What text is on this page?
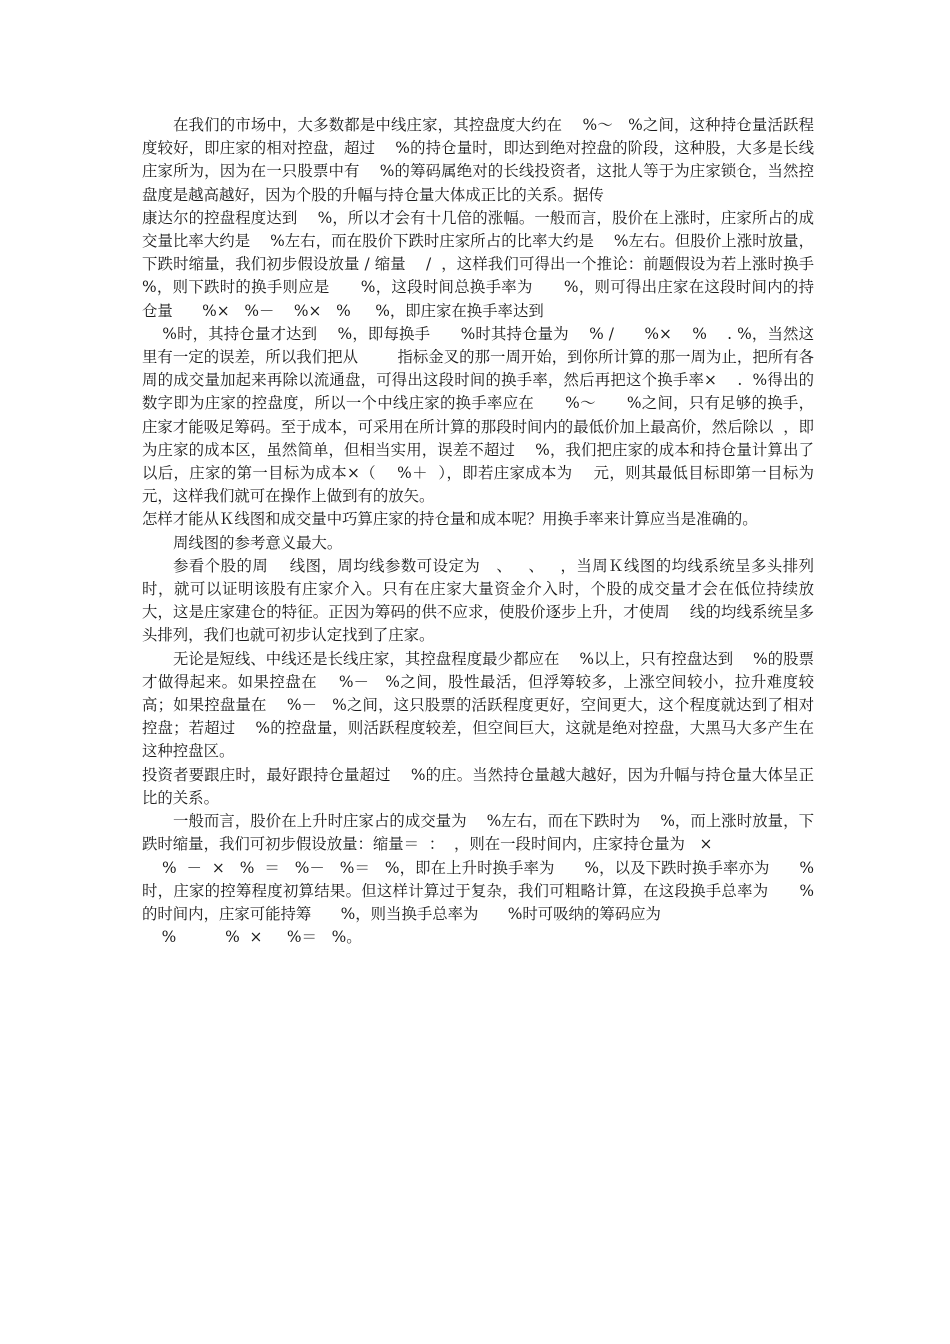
在我们的市场中，大多数都是中线庄家，其控盘度大约在    %～   %之间，这种持仓量活跃程度较好，即庄家的相对控盘，超过    %的持仓量时，即达到绝对控盘的阶段，这种股，大多是长线庄家所为，因为在一只股票中有    %的筹码属绝对的长线投资者，这批人等于为庄家锁仓，当然控盘度是越高越好，因为个股的升幅与持仓量大体成正比的关系。据传
康达尔的控盘程度达到    %，所以才会有十几倍的涨幅。一般而言，股价在上涨时，庄家所占的成交量比率大约是    %左右，而在股价下跌时庄家所占的比率大约是    %左右。但股价上涨时放量，下跌时缩量，我们初步假设放量 / 缩量    /  ，这样我们可得出一个推论：前题假设为若上涨时换手      %，则下跌时的换手则应是      %，这段时间总换手率为      %，则可得出庄家在这段时间内的持仓量      %×   %－    %×   %     %，即庄家在换手率达到
%时，其持仓量才达到    %，即每换手      %时其持仓量为    % /      %×    %    . %，当然这里有一定的误差，所以我们把从        指标金叉的那一周开始，到你所计算的那一周为止，把所有各周的成交量加起来再除以流通盘，可得出这段时间的换手率，然后再把这个换手率×    .  %得出的数字即为庄家的控盘度，所以一个中线庄家的换手率应在      %～      %之间，只有足够的换手，庄家才能吸足筹码。至于成本，可采用在所计算的那段时间内的最低价加上最高价，然后除以  ，即为庄家的成本区，虽然简单，但相当实用，误差不超过    %，我们把庄家的成本和持仓量计算出了以后，庄家的第一目标为成本×（    %＋  ），即若庄家成本为    元，则其最低目标即第一目标为    元，这样我们就可在操作上做到有的放矢。

怎样才能从Ｋ线图和成交量中巧算庄家的持仓量和成本呢？用换手率来计算应当是准确的。

周线图的参考意义最大。

参看个股的周    线图，周均线参数可设定为   、   、   ，当周Ｋ线图的均线系统呈多头排列时，就可以证明该股有庄家介入。只有在庄家大量资金介入时，个股的成交量才会在低位持续放大，这是庄家建仓的特征。正因为筹码的供不应求，使股价逐步上升，才使周    线的均线系统呈多头排列，我们也就可初步认定找到了庄家。

无论是短线、中线还是长线庄家，其控盘程度最少都应在    %以上，只有控盘达到    %的股票才做得起来。如果控盘在    %－   %之间，股性最活，但浮筹较多，上涨空间较小，拉升难度较高；如果控盘量在    %－   %之间，这只股票的活跃程度更好，空间更大，这个程度就达到了相对控盘；若超过    %的控盘量，则活跃程度较差，但空间巨大，这就是绝对控盘，大黑马大多产生在这种控盘区。

投资者要跟庄时，最好跟持仓量超过    %的庄。当然持仓量越大越好，因为升幅与持仓量大体呈正比的关系。

一般而言，股价在上升时庄家占的成交量为    %左右，而在下跌时为    %，而上涨时放量，下跌时缩量，我们可初步假设放量：缩量＝  ：  ，则在一段时间内，庄家持仓量为   ×
%  －  ×   %  ＝   %－   %＝   %，即在上升时换手率为      %，以及下跌时换手率亦为      %时，庄家的控筹程度初算结果。但这样计算过于复杂，我们可粗略计算，在这段换手总率为      %的时间内，庄家可能持筹      %，则当换手总率为      %时可吸纳的筹码应为
%          %  ×     %＝   %。
